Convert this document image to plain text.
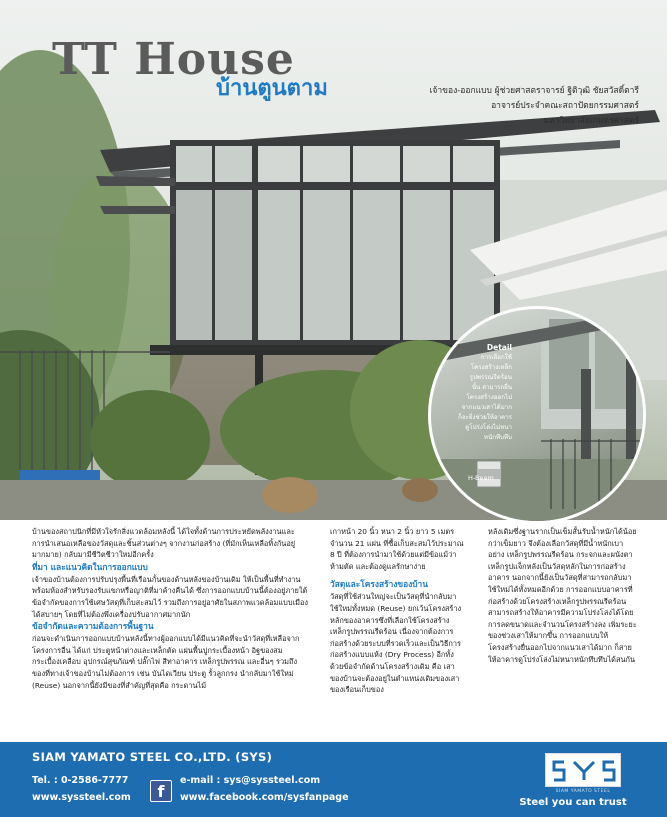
TT House
บ้านตูนตาม	เจ้าของ-ออกแบบ ผู้ช่วยศาสตราจารย์ ฐิติวุฒิ ชัยสวัสดิ์ตารี
อาจารย์ประจำคณะสถาปัตยกรรมศาสตร์
มหาวิทยาลัยเกษตรศาสตร์
Detail
การเลือกใช้
โครงสร้างเหล็ก
รูปพรรณรีดร้อน
นั้น สามารถยื่น
โครงสร้างออกไป
จากแนวเสาได้มาก
ก็จะยิ่งช่วยให้อาคาร
ดูโปร่งโล่งไม่หนา
หนักทึบทึบ
H-Beam

บ้านของสถาปนิกที่มีหัวใจรักสิ่งแวดล้อมหลังนี้ ได้ใจทั้งด้านการประหยัดพลังงานและการนำเสนอเหลือของวัสดุและชิ้นส่วนต่างๆ จากงานก่อสร้าง (ที่มักเห็นเหลือทิ้งกันอยู่มากมาย) กลับมามีชีวิตชีวาใหม่อีกครั้ง

ที่มา และแนวคิดในการออกแบบ

เจ้าของบ้านต้องการปรับปรุงพื้นที่เรือนกั้นของด้านหลังของบ้านเดิม ให้เป็นพื้นที่ทำงาน พร้อมห้องสำหรับรองรับแขกหรือญาติที่มาค้างคืนได้ ซึ่งการออกแบบบ้านนี้ต้องอยู่ภายใต้ข้อจำกัดของการใช้เศษวัสดุที่เก็บสะสมไว้ รวมถึงการอยู่อาศัยในสภาพแวดล้อมแบบเมืองได้สบายๆ โดยที่ไม่ต้องพึ่งเครื่องปรับอากาศมากนัก

ข้อจำกัดและความต้องการพื้นฐาน

ก่อนจะดำเนินการออกแบบบ้านหลังนี้ทางผู้ออกแบบได้มีแนวคิดที่จะนำวัสดุที่เหลือจากโครงการอื่น ได้แก่ ประตูหน้าต่างและเหล็กตัด แผ่นพื้นปูกระเบื้องหน้า อิฐของสม กระเบื้องเคลือบ อุปกรณ์สุขภัณฑ์ ปลั๊กไฟ สีทาอาคาร เหล็กรูปพรรณ และอื่นๆ รวมถึงของที่ทางเจ้าของบ้านไม่ต้องการ เช่น บันไดเวียน ประตู รั้วลูกกรง นำกลับมาใช้ใหม่ (Reuse) นอกจากนี้ยังมีของที่สำคัญที่สุดคือ กระดานไม้

เกาหน้า 20 นิ้ว หนา 2 นิ้ว ยาว 5 เมตร จำนวน 21 แผ่น ที่ซื้อเก็บสะสมไว้ประมาณ 8 ปี ที่ต้องการนำมาใช้ด้วยแต่มีข้อแม้ว่าห้ามตัด และต้องดูแลรักษาง่าย

วัสดุและโครงสร้างของบ้าน

วัสดุที่ใช้ส่วนใหญ่จะเป็นวัสดุที่นำกลับมาใช้ใหม่ทั้งหมด (Reuse) ยกเว้นโครงสร้างหลักของอาคารซึ่งที่เลือกใช้โครงสร้างเหล็กรูปพรรณรีดร้อน เนื่องจากต้องการก่อสร้างด้วยระบบที่รวดเร็วและเป็นวิธีการก่อสร้างแบบแห้ง (Dry Process) อีกทั้งด้วยข้อจำกัดด้านโครงสร้างเดิม คือ เสาของบ้านจะต้องอยู่ในตำแหน่งเดิมของเสาของเรือนเก็บของ

หลังเดิมซึ่งฐานรากเป็นเข็มสั้นรับน้ำหนักได้น้อยกว่าเข็มยาว จึงต้องเลือกวัสดุที่มีน้ำหนักเบา อย่าง เหล็กรูปพรรณรีดร้อน กระจกและผนังตาเหล็กรูปแจ็กหลังเป็นวัสดุหลักในการก่อสร้างอาคาร นอกจากนี้ยังเป็นวัสดุที่สามารถกลับมาใช้ใหม่ได้ทั้งหมดอีกด้วย การออกแบบอาคารที่ก่อสร้างด้วยโครงสร้างเหล็กรูปพรรณรีดร้อนสามารถสร้างให้อาคารมีความโปร่งโล่งได้โดยการลดขนาดและจำนวนโครงสร้างลง เพิ่มระยะของช่วงเสาให้มากขึ้น การออกแบบให้โครงสร้างยื่นออกไปจากแนวเสาได้มาก ก็สายให้อาคารดูโปร่งโล่งไม่หนาหนักทึบทึบได้สนกัน

SIAM YAMATO STEEL CO.,LTD. (SYS)
Tel. : 0-2586-7777
www.syssteel.com	f
e-mail : sys@syssteel.com
www.facebook.com/sysfanpage
SIAM YAMATO STEEL
Steel you can trust
